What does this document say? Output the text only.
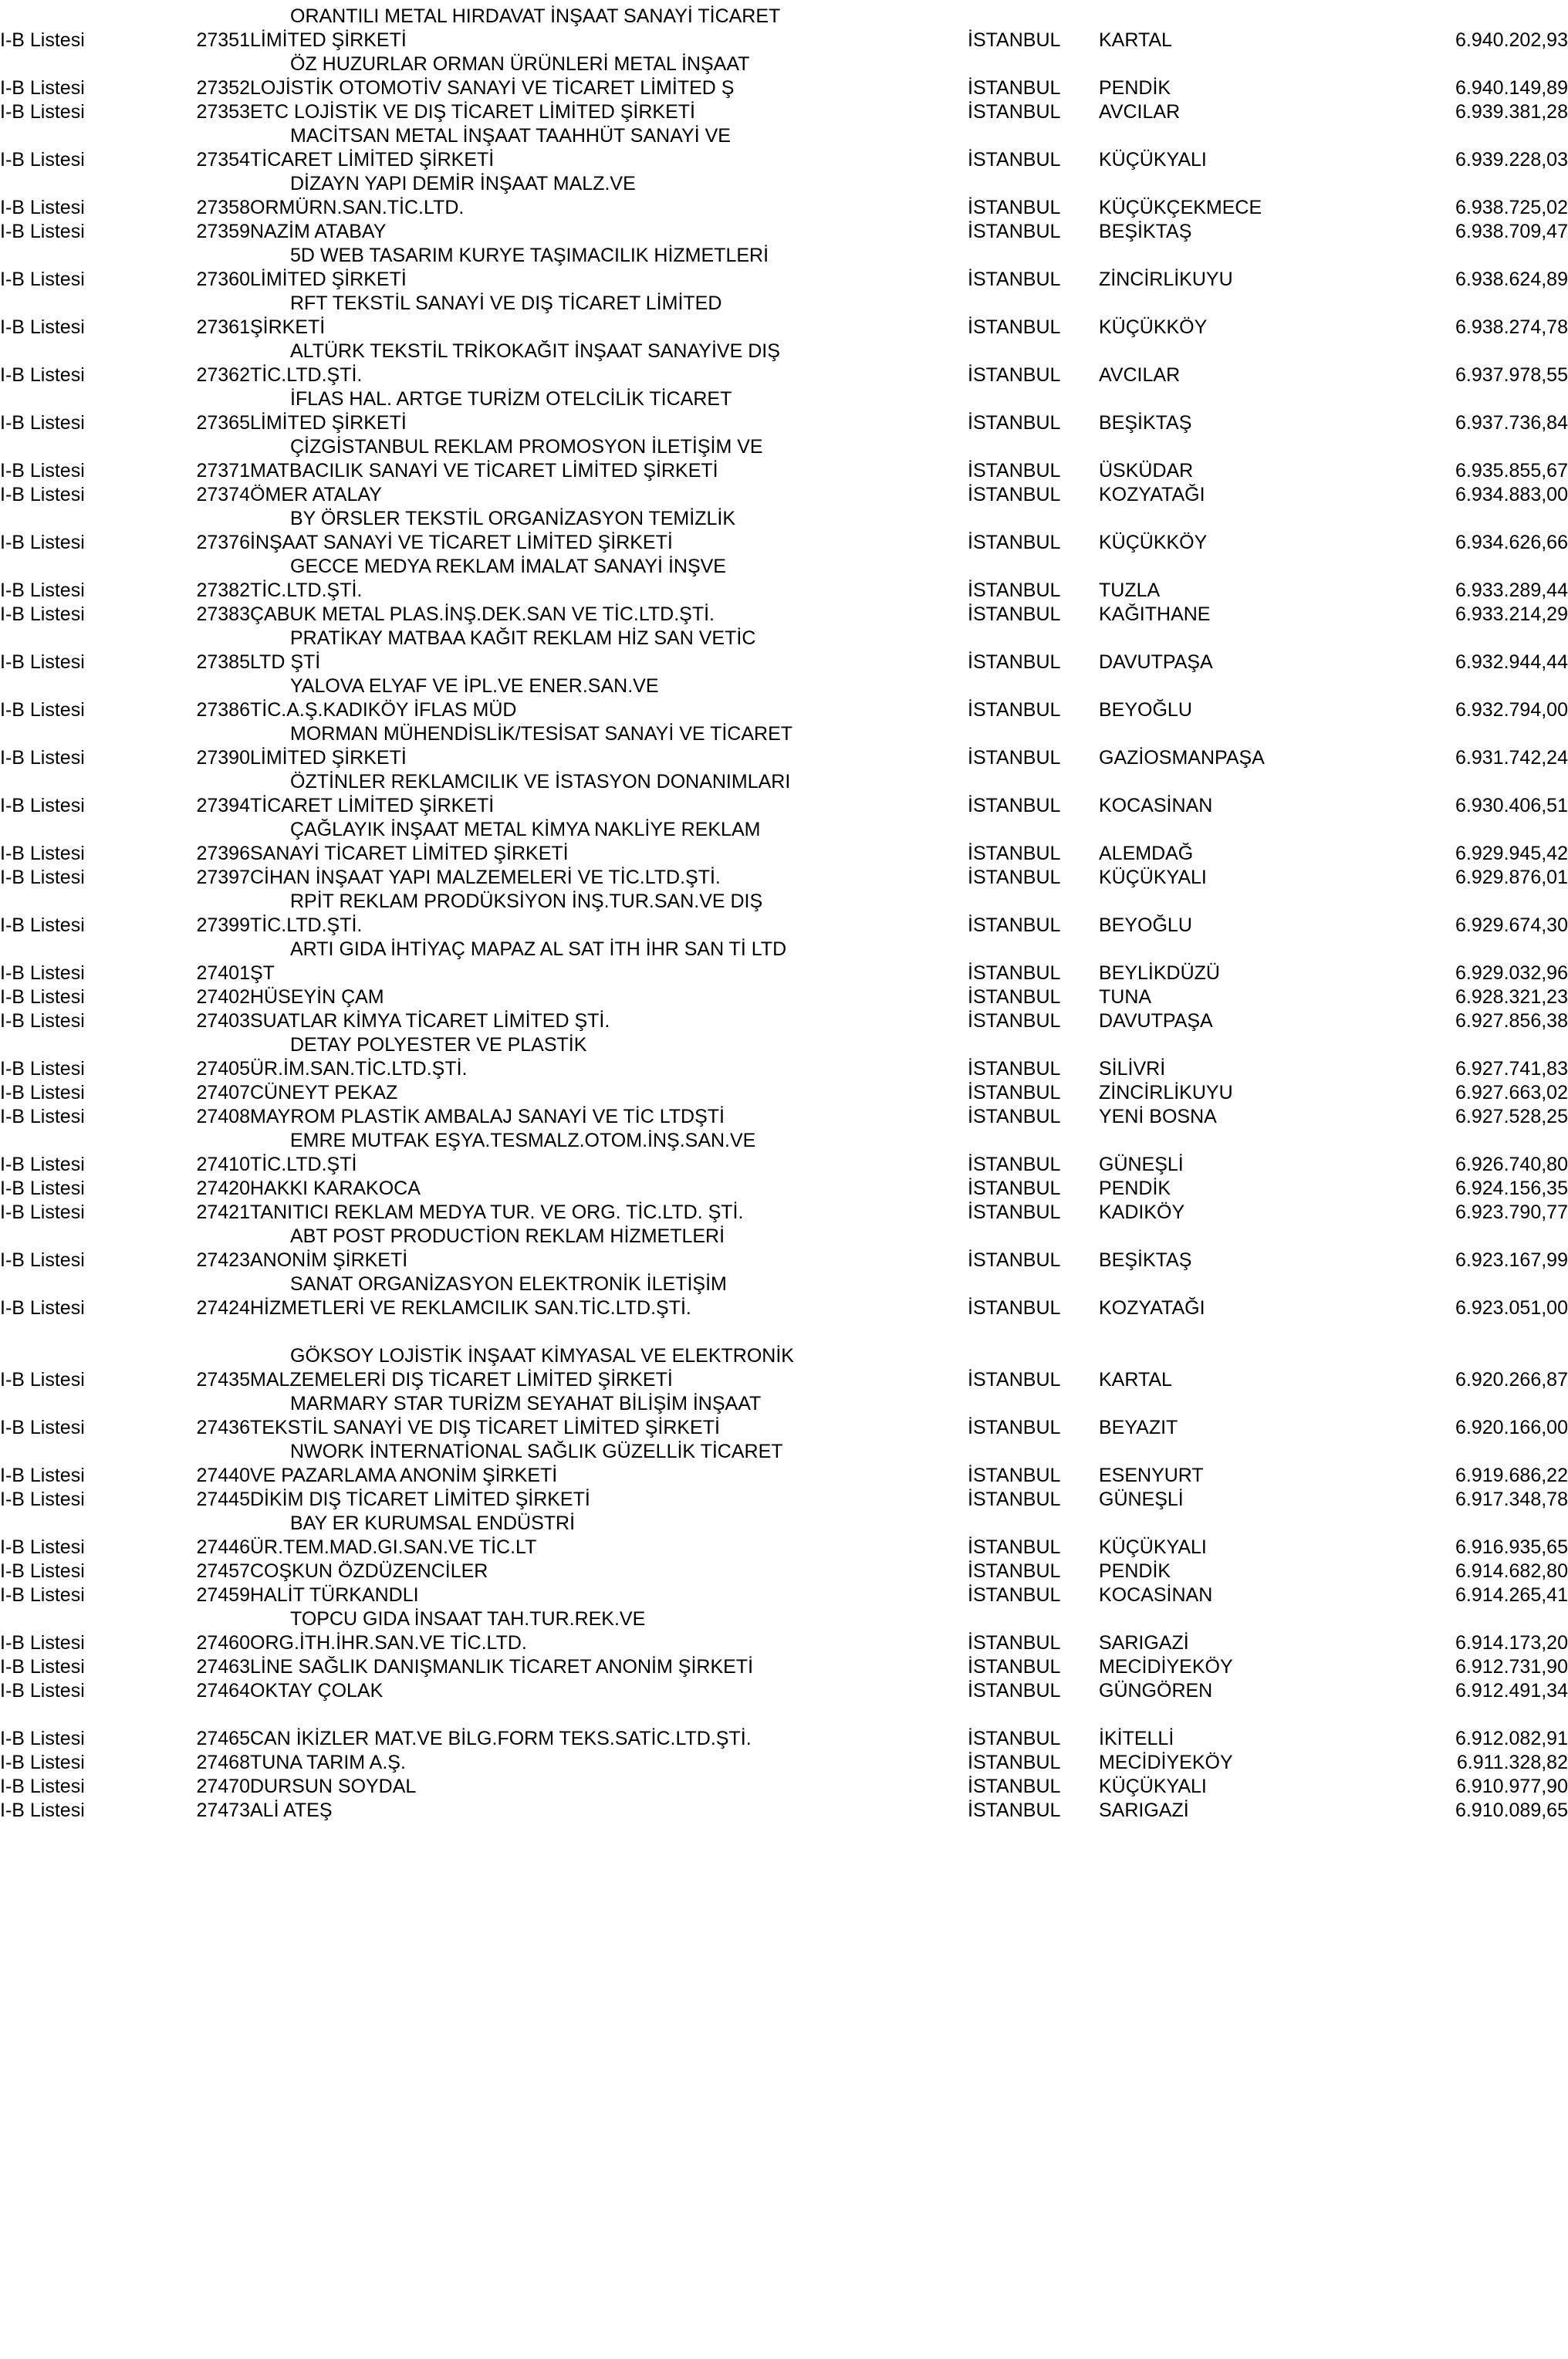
		ORANTILI METAL HIRDAVAT İNŞAAT SANAYİ TİCARET			
I-B Listesi	27351	LİMİTED ŞİRKETİ	İSTANBUL	KARTAL	6.940.202,93
		ÖZ HUZURLAR ORMAN ÜRÜNLERİ METAL İNŞAAT			
I-B Listesi	27352	LOJİSTİK OTOMOTİV SANAYİ VE TİCARET LİMİTED Ş	İSTANBUL	PENDİK	6.940.149,89
I-B Listesi	27353	ETC LOJİSTİK VE DIŞ TİCARET LİMİTED ŞİRKETİ	İSTANBUL	AVCILAR	6.939.381,28
		MACİTSAN METAL İNŞAAT TAAHHÜT SANAYİ VE			
I-B Listesi	27354	TİCARET LİMİTED ŞİRKETİ	İSTANBUL	KÜÇÜKYALI	6.939.228,03
		DİZAYN YAPI DEMİR İNŞAAT MALZ.VE			
I-B Listesi	27358	ORMÜRN.SAN.TİC.LTD.	İSTANBUL	KÜÇÜKÇEKMECE	6.938.725,02
I-B Listesi	27359	NAZİM ATABAY	İSTANBUL	BEŞİKTAŞ	6.938.709,47
		5D WEB TASARIM KURYE TAŞIMACILIK HİZMETLERİ			
I-B Listesi	27360	LİMİTED ŞİRKETİ	İSTANBUL	ZİNCİRLİKUYU	6.938.624,89
		RFT TEKSTİL SANAYİ VE DIŞ TİCARET LİMİTED			
I-B Listesi	27361	ŞİRKETİ	İSTANBUL	KÜÇÜKKÖY	6.938.274,78
		ALTÜRK TEKSTİL TRİKOKAĞIT İNŞAAT SANAYİVE DIŞ			
I-B Listesi	27362	TİC.LTD.ŞTİ.	İSTANBUL	AVCILAR	6.937.978,55
		İFLAS HAL. ARTGE TURİZM OTELCİLİK TİCARET			
I-B Listesi	27365	LİMİTED ŞİRKETİ	İSTANBUL	BEŞİKTAŞ	6.937.736,84
		ÇİZGİSTANBUL REKLAM PROMOSYON İLETİŞİM VE			
I-B Listesi	27371	MATBACILIK SANAYİ VE TİCARET LİMİTED ŞİRKETİ	İSTANBUL	ÜSKÜDAR	6.935.855,67
I-B Listesi	27374	ÖMER ATALAY	İSTANBUL	KOZYATAĞI	6.934.883,00
		BY ÖRSLER TEKSTİL ORGANİZASYON TEMİZLİK			
I-B Listesi	27376	İNŞAAT SANAYİ VE TİCARET LİMİTED ŞİRKETİ	İSTANBUL	KÜÇÜKKÖY	6.934.626,66
		GECCE MEDYA REKLAM İMALAT SANAYİ İNŞVE			
I-B Listesi	27382	TİC.LTD.ŞTİ.	İSTANBUL	TUZLA	6.933.289,44
I-B Listesi	27383	ÇABUK METAL PLAS.İNŞ.DEK.SAN VE TİC.LTD.ŞTİ.	İSTANBUL	KAĞITHANE	6.933.214,29
		PRATİKAY MATBAA KAĞIT REKLAM HİZ SAN VETİC			
I-B Listesi	27385	LTD ŞTİ	İSTANBUL	DAVUTPAŞA	6.932.944,44
		YALOVA ELYAF VE İPL.VE ENER.SAN.VE			
I-B Listesi	27386	TİC.A.Ş.KADIKÖY İFLAS MÜD	İSTANBUL	BEYOĞLU	6.932.794,00
		MORMAN MÜHENDİSLİK/TESİSAT SANAYİ VE TİCARET			
I-B Listesi	27390	LİMİTED ŞİRKETİ	İSTANBUL	GAZİOSMANPAŞA	6.931.742,24
		ÖZTİNLER REKLAMCILIK VE İSTASYON DONANIMLARI			
I-B Listesi	27394	TİCARET LİMİTED ŞİRKETİ	İSTANBUL	KOCASİNAN	6.930.406,51
		ÇAĞLAYIK İNŞAAT METAL KİMYA NAKLİYE REKLAM			
I-B Listesi	27396	SANAYİ TİCARET LİMİTED ŞİRKETİ	İSTANBUL	ALEMDAĞ	6.929.945,42
I-B Listesi	27397	CİHAN İNŞAAT YAPI MALZEMELERİ VE TİC.LTD.ŞTİ.	İSTANBUL	KÜÇÜKYALI	6.929.876,01
		RPİT REKLAM PRODÜKSİYON İNŞ.TUR.SAN.VE DIŞ			
I-B Listesi	27399	TİC.LTD.ŞTİ.	İSTANBUL	BEYOĞLU	6.929.674,30
		ARTI GIDA İHTİYAÇ MAPAZ AL SAT İTH İHR SAN Tİ LTD			
I-B Listesi	27401	ŞT	İSTANBUL	BEYLİKDÜZÜ	6.929.032,96
I-B Listesi	27402	HÜSEYİN ÇAM	İSTANBUL	TUNA	6.928.321,23
I-B Listesi	27403	SUATLAR KİMYA TİCARET LİMİTED ŞTİ.	İSTANBUL	DAVUTPAŞA	6.927.856,38
		DETAY POLYESTER VE PLASTİK			
I-B Listesi	27405	ÜR.İM.SAN.TİC.LTD.ŞTİ.	İSTANBUL	SİLİVRİ	6.927.741,83
I-B Listesi	27407	CÜNEYT PEKAZ	İSTANBUL	ZİNCİRLİKUYU	6.927.663,02
I-B Listesi	27408	MAYROM PLASTİK AMBALAJ SANAYİ VE TİC LTDŞTİ	İSTANBUL	YENİ BOSNA	6.927.528,25
		EMRE MUTFAK EŞYA.TESMALZ.OTOM.İNŞ.SAN.VE			
I-B Listesi	27410	TİC.LTD.ŞTİ	İSTANBUL	GÜNEŞLİ	6.926.740,80
I-B Listesi	27420	HAKKI KARAKOCA	İSTANBUL	PENDİK	6.924.156,35
I-B Listesi	27421	TANITICI REKLAM MEDYA TUR. VE ORG. TİC.LTD. ŞTİ.	İSTANBUL	KADIKÖY	6.923.790,77
		ABT POST PRODUCTİON REKLAM HİZMETLERİ			
I-B Listesi	27423	ANONİM ŞİRKETİ	İSTANBUL	BEŞİKTAŞ	6.923.167,99
		SANAT ORGANİZASYON ELEKTRONİK İLETİŞİM			
I-B Listesi	27424	HİZMETLERİ VE REKLAMCILIK SAN.TİC.LTD.ŞTİ.	İSTANBUL	KOZYATAĞI	6.923.051,00

		GÖKSOY LOJİSTİK İNŞAAT KİMYASAL VE ELEKTRONİK			
I-B Listesi	27435	MALZEMELERİ DIŞ TİCARET LİMİTED ŞİRKETİ	İSTANBUL	KARTAL	6.920.266,87
		MARMARY STAR TURİZM SEYAHAT BİLİŞİM İNŞAAT			
I-B Listesi	27436	TEKSTİL SANAYİ VE DIŞ TİCARET LİMİTED ŞİRKETİ	İSTANBUL	BEYAZIT	6.920.166,00
		NWORK İNTERNATİONAL SAĞLIK GÜZELLİK TİCARET			
I-B Listesi	27440	VE PAZARLAMA ANONİM ŞİRKETİ	İSTANBUL	ESENYURT	6.919.686,22
I-B Listesi	27445	DİKİM DIŞ TİCARET LİMİTED ŞİRKETİ	İSTANBUL	GÜNEŞLİ	6.917.348,78
		BAY ER KURUMSAL ENDÜSTRİ			
I-B Listesi	27446	ÜR.TEM.MAD.GI.SAN.VE TİC.LT	İSTANBUL	KÜÇÜKYALI	6.916.935,65
I-B Listesi	27457	COŞKUN ÖZDÜZENCİLER	İSTANBUL	PENDİK	6.914.682,80
I-B Listesi	27459	HALİT TÜRKANDLI	İSTANBUL	KOCASİNAN	6.914.265,41
		TOPCU GIDA İNSAAT TAH.TUR.REK.VE			
I-B Listesi	27460	ORG.İTH.İHR.SAN.VE TİC.LTD.	İSTANBUL	SARIGAZİ	6.914.173,20
I-B Listesi	27463	LİNE SAĞLIK DANIŞMANLIK TİCARET ANONİM ŞİRKETİ	İSTANBUL	MECİDİYEKÖY	6.912.731,90
I-B Listesi	27464	OKTAY ÇOLAK	İSTANBUL	GÜNGÖREN	6.912.491,34

I-B Listesi	27465	CAN İKİZLER MAT.VE BİLG.FORM TEKS.SATİC.LTD.ŞTİ.	İSTANBUL	İKİTELLİ	6.912.082,91
I-B Listesi	27468	TUNA TARIM A.Ş.	İSTANBUL	MECİDİYEKÖY	6.911.328,82
I-B Listesi	27470	DURSUN SOYDAL	İSTANBUL	KÜÇÜKYALI	6.910.977,90
I-B Listesi	27473	ALİ ATEŞ	İSTANBUL	SARIGAZİ	6.910.089,65
